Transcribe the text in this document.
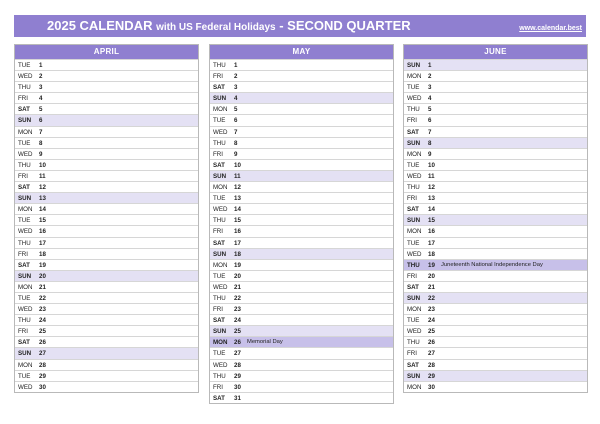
2025 CALENDAR with US Federal Holidays - SECOND QUARTER	www.calendar.best
APRIL
TUE	1
WED	2
THU	3
FRI	4
SAT	5
SUN	6
MON	7
TUE	8
WED	9
THU	10
FRI	11
SAT	12
SUN	13
MON	14
TUE	15
WED	16
THU	17
FRI	18
SAT	19
SUN	20
MON	21
TUE	22
WED	23
THU	24
FRI	25
SAT	26
SUN	27
MON	28
TUE	29
WED	30
MAY
THU	1
FRI	2
SAT	3
SUN	4
MON	5
TUE	6
WED	7
THU	8
FRI	9
SAT	10
SUN	11
MON	12
TUE	13
WED	14
THU	15
FRI	16
SAT	17
SUN	18
MON	19
TUE	20
WED	21
THU	22
FRI	23
SAT	24
SUN	25
MON	26 Memorial Day
TUE	27
WED	28
THU	29
FRI	30
SAT	31
JUNE
SUN	1
MON	2
TUE	3
WED	4
THU	5
FRI	6
SAT	7
SUN	8
MON	9
TUE	10
WED	11
THU	12
FRI	13
SAT	14
SUN	15
MON	16
TUE	17
WED	18
THU	19 Juneteenth National Independence Day
FRI	20
SAT	21
SUN	22
MON	23
TUE	24
WED	25
THU	26
FRI	27
SAT	28
SUN	29
MON	30
